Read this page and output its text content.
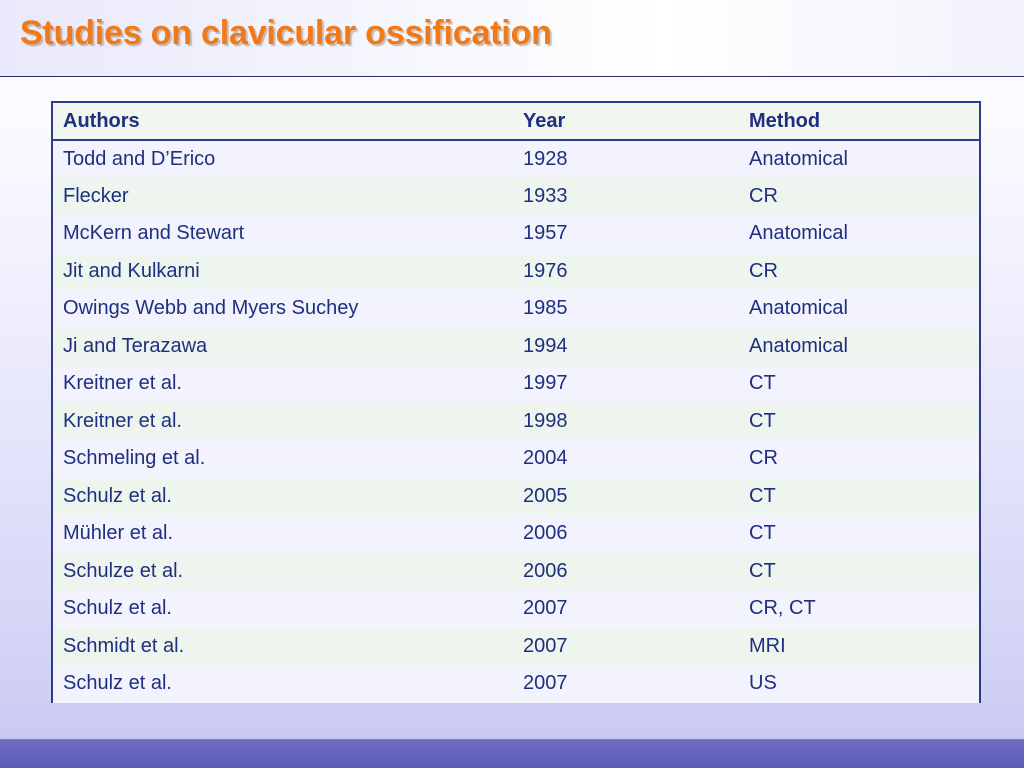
Studies on clavicular ossification
Authors	Year	Method
Todd and D’Erico	1928	Anatomical
Flecker	1933	CR
McKern and Stewart	1957	Anatomical
Jit and Kulkarni	1976	CR
Owings Webb and Myers Suchey	1985	Anatomical
Ji and Terazawa	1994	Anatomical
Kreitner et al.	1997	CT
Kreitner et al.	1998	CT
Schmeling et al.	2004	CR
Schulz et al.	2005	CT
Mühler et al.	2006	CT
Schulze et al.	2006	CT
Schulz et al.	2007	CR, CT
Schmidt et al.	2007	MRI
Schulz et al.	2007	US
